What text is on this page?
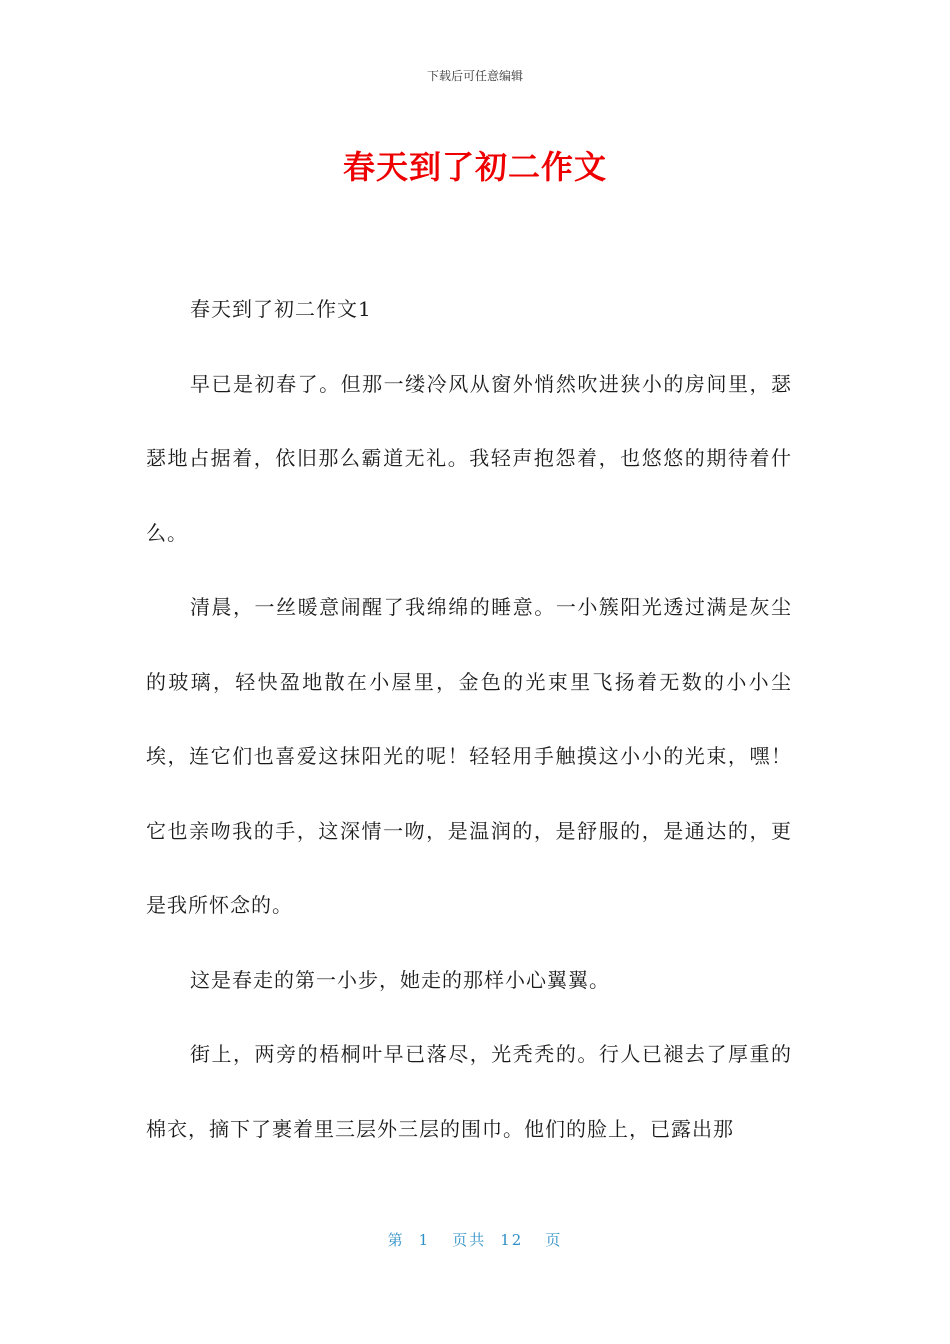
下载后可任意编辑
春天到了初二作文

春天到了初二作文1

早已是初春了。但那一缕冷风从窗外悄然吹进狭小的房间里，瑟瑟地占据着，依旧那么霸道无礼。我轻声抱怨着，也悠悠的期待着什么。

清晨，一丝暖意闹醒了我绵绵的睡意。一小簇阳光透过满是灰尘的玻璃，轻快盈地散在小屋里，金色的光束里飞扬着无数的小小尘埃，连它们也喜爱这抹阳光的呢！轻轻用手触摸这小小的光束，嘿！它也亲吻我的手，这深情一吻，是温润的，是舒服的，是通达的，更是我所怀念的。

这是春走的第一小步，她走的那样小心翼翼。

街上，两旁的梧桐叶早已落尽，光秃秃的。行人已褪去了厚重的棉衣，摘下了裹着里三层外三层的围巾。他们的脸上，已露出那

第 1 页共 12 页
